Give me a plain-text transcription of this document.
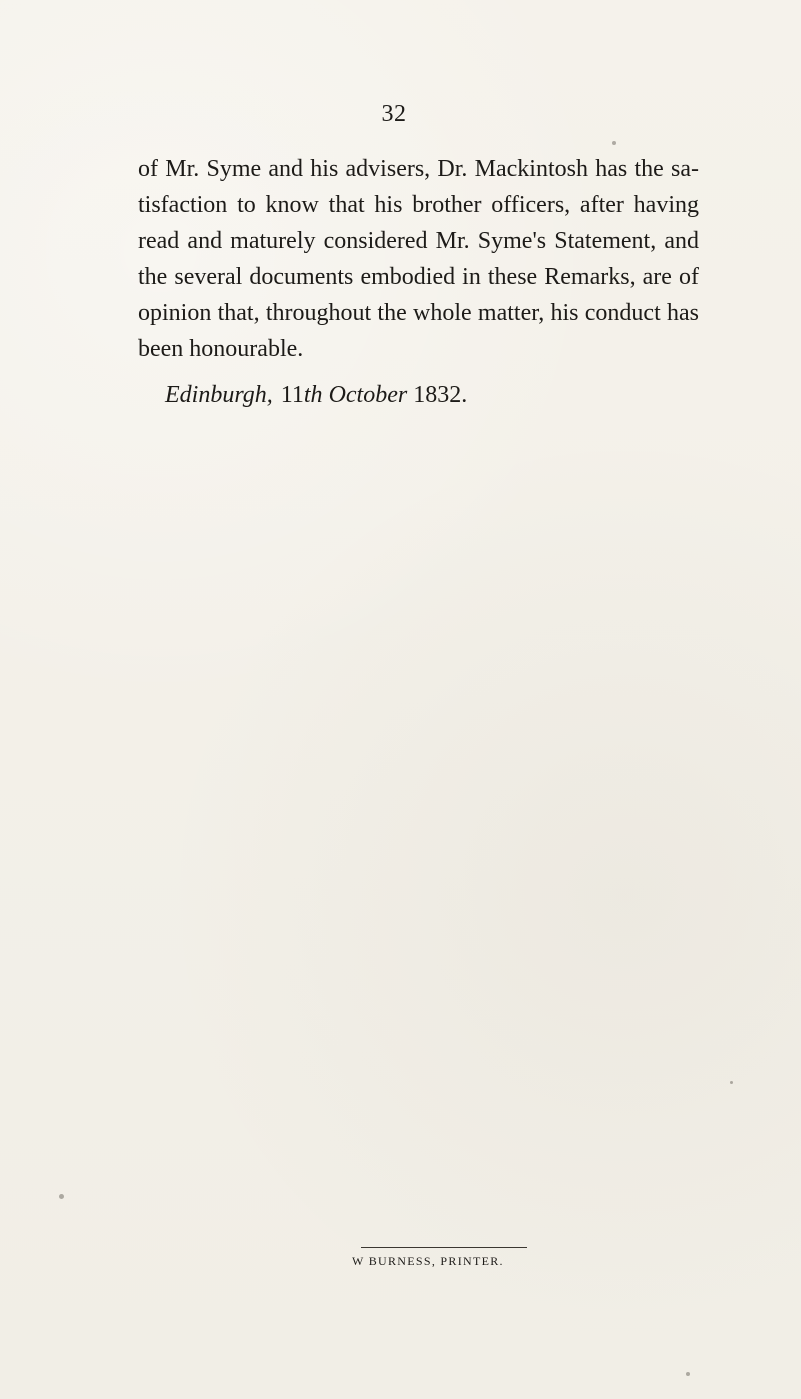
32
of Mr. Syme and his advisers, Dr. Mackintosh has the sa-
tisfaction to know that his brother officers, after having
read and maturely considered Mr. Syme's Statement, and
the several documents embodied in these Remarks, are of
opinion that, throughout the whole matter, his conduct has
been honourable.
Edinburgh, 11th October 1832.
W BURNESS, PRINTER.
